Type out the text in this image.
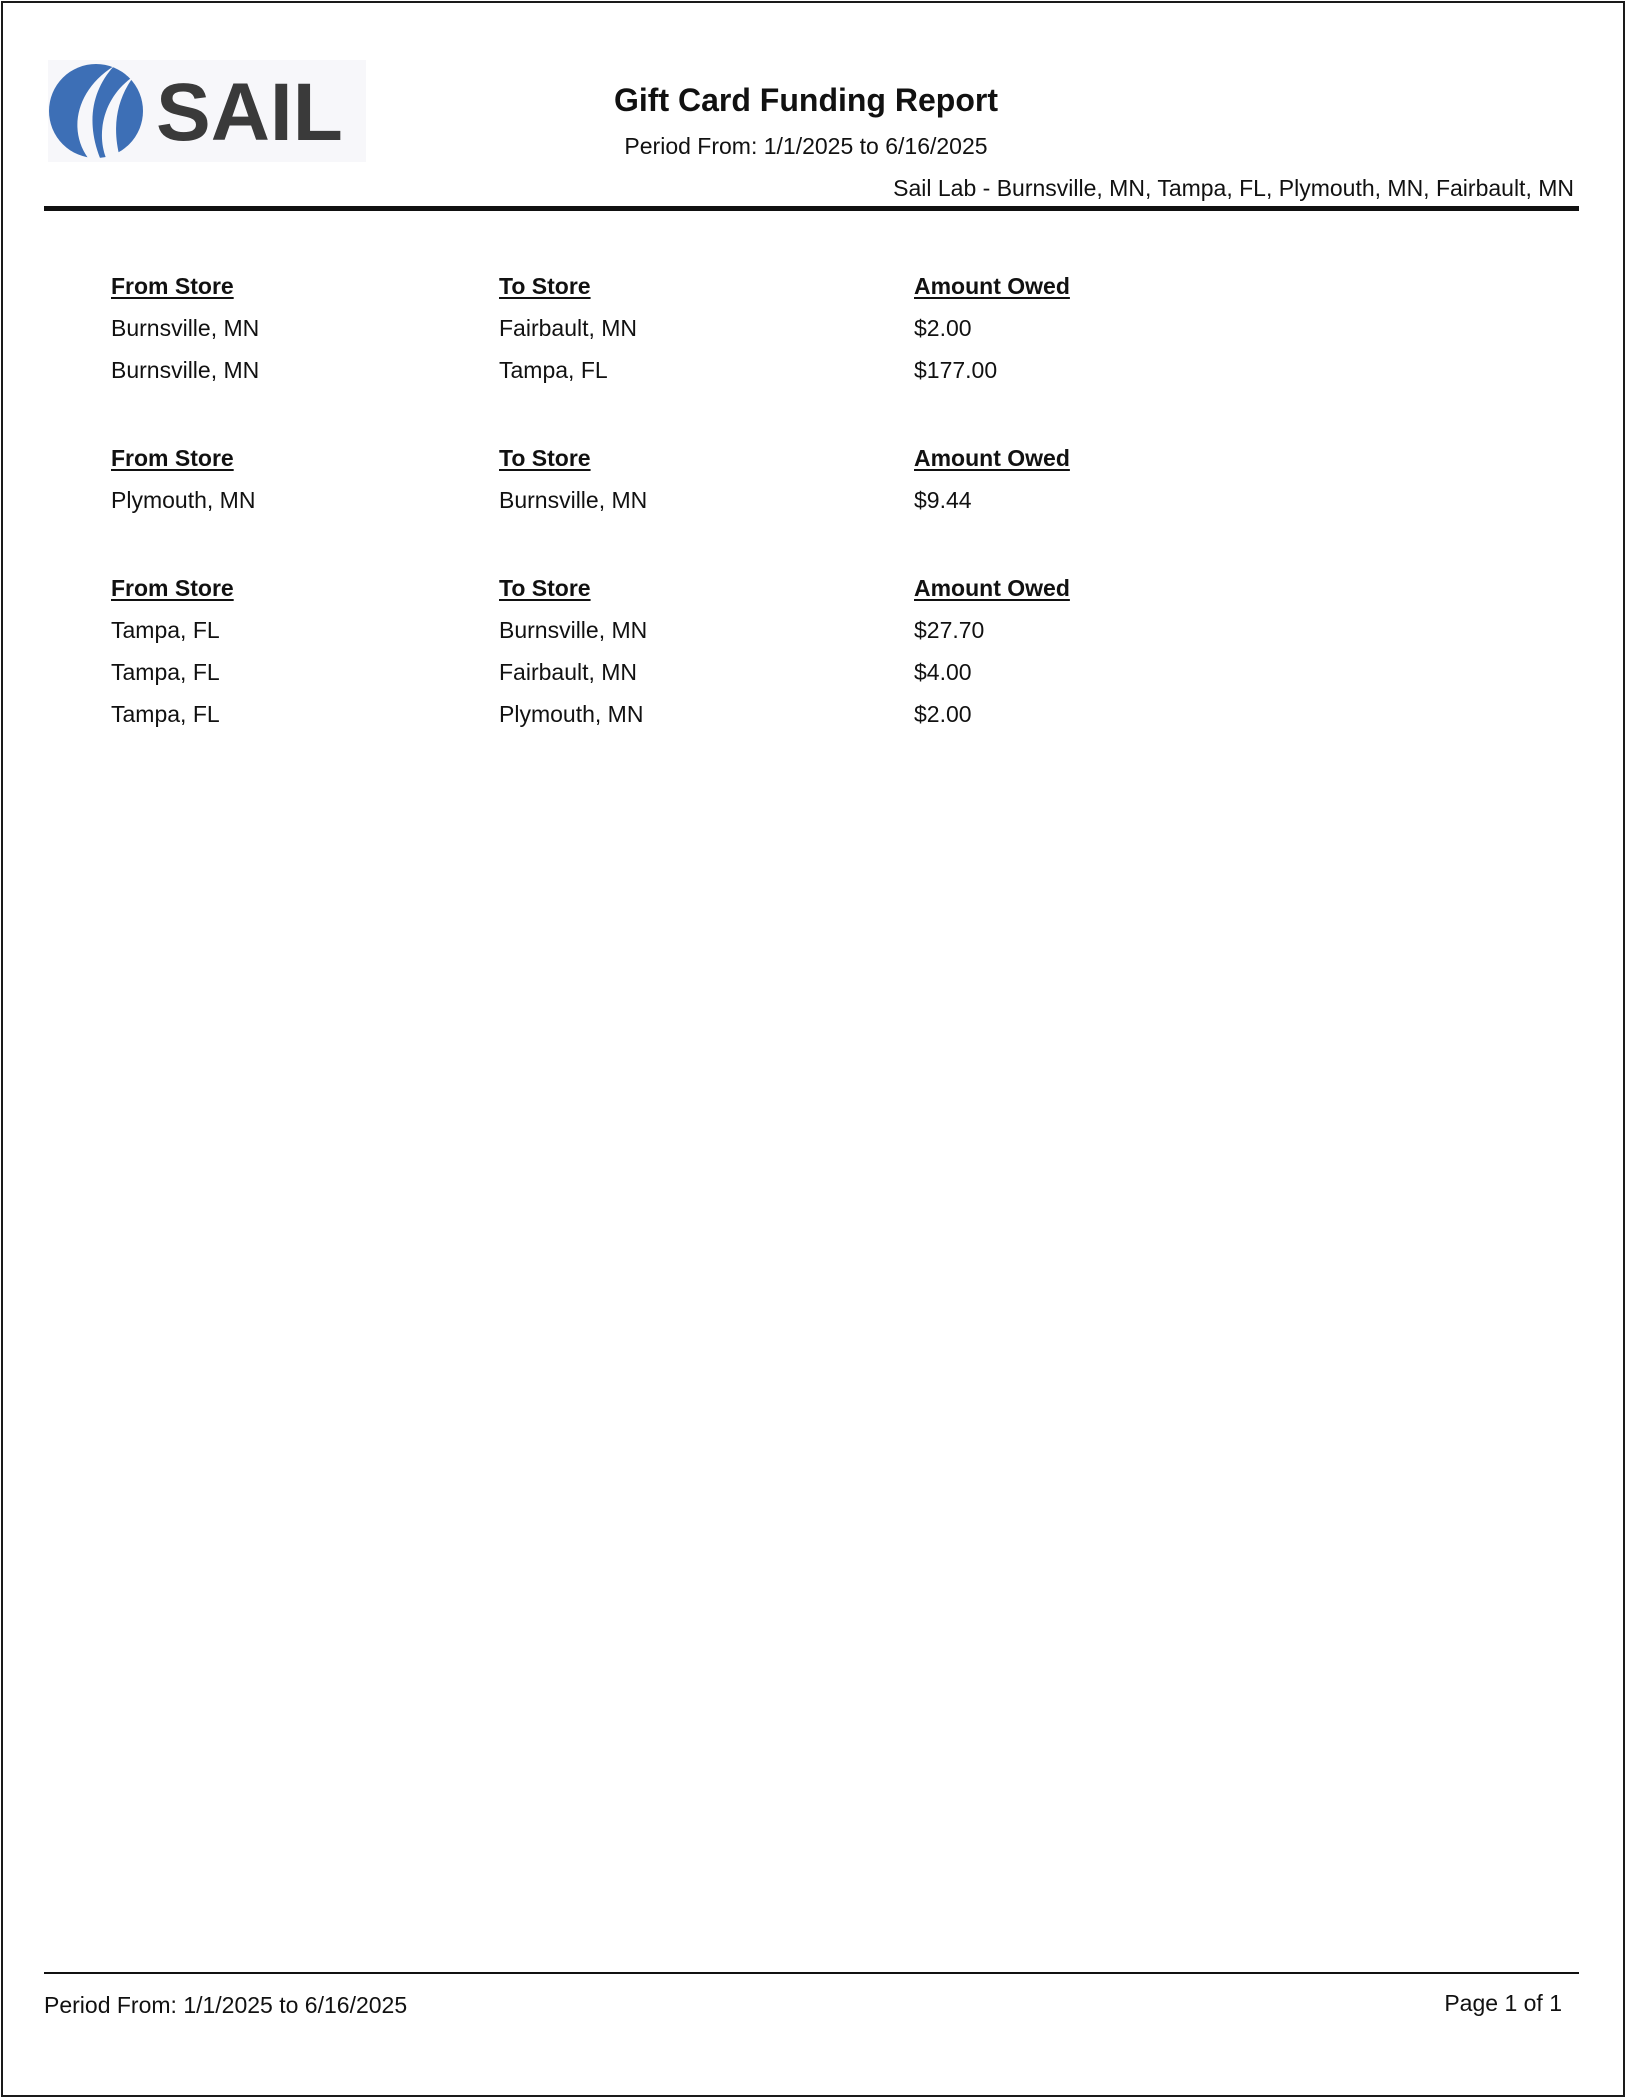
SAIL	Gift Card Funding Report
Period From: 1/1/2025 to 6/16/2025
Sail Lab - Burnsville, MN, Tampa, FL, Plymouth, MN, Fairbault, MN
From Store	To Store	Amount Owed
Burnsville, MN	Fairbault, MN	$2.00
Burnsville, MN	Tampa, FL	$177.00
From Store	To Store	Amount Owed
Plymouth, MN	Burnsville, MN	$9.44
From Store	To Store	Amount Owed
Tampa, FL	Burnsville, MN	$27.70
Tampa, FL	Fairbault, MN	$4.00
Tampa, FL	Plymouth, MN	$2.00
Period From: 1/1/2025 to 6/16/2025	Page 1 of 1
